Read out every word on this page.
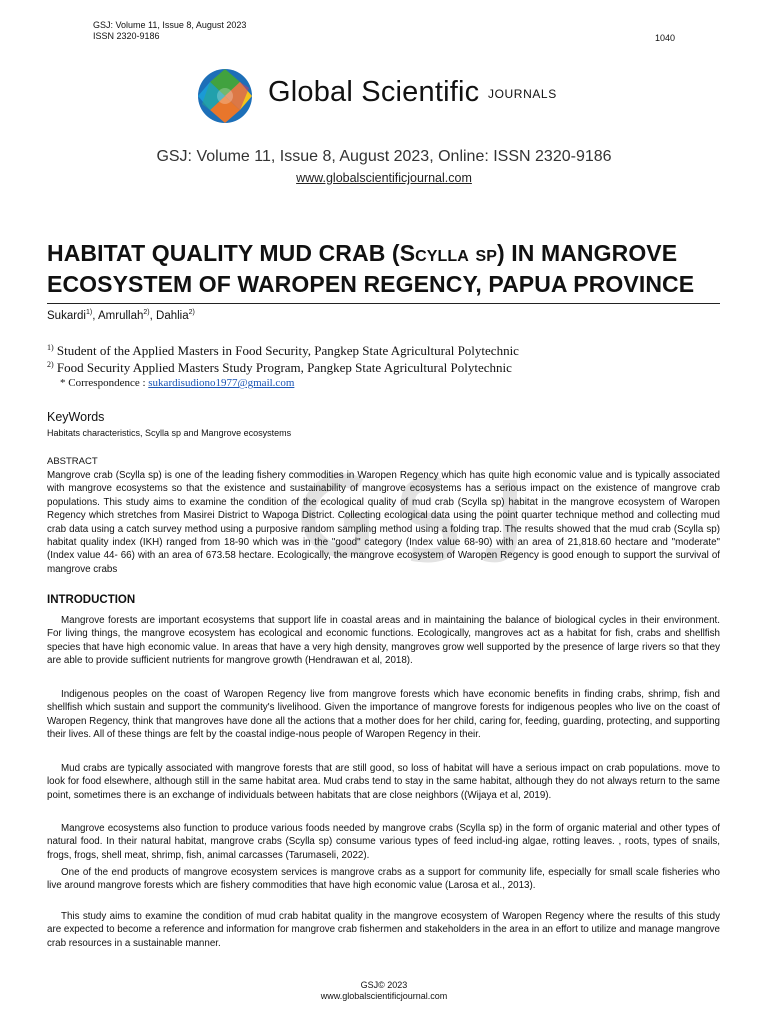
GSJ: Volume 11, Issue 8, August 2023
ISSN 2320-9186	1040
Global Scientific JOURNALS
GSJ: Volume 11, Issue 8, August 2023, Online: ISSN 2320-9186
www.globalscientificjournal.com
HABITAT QUALITY MUD CRAB (Scylla sp) IN MANGROVE ECOSYSTEM OF WAROPEN REGENCY, PAPUA PROVINCE
Sukardi$^{1)}$, Amrullah$^{2)}$, Dahlia$^{2)}$
$^{1)}$ Student of the Applied Masters in Food Security, Pangkep State Agricultural Polytechnic
$^{2)}$ Food Security Applied Masters Study Program, Pangkep State Agricultural Polytechnic
* Correspondence : sukardisudiono1977@gmail.com
KeyWords
Habitats characteristics, Scylla sp and Mangrove ecosystems
ABSTRACT
Mangrove crab (Scylla sp) is one of the leading fishery commodities in Waropen Regency which has quite high economic value and is typically associated with mangrove ecosystems so that the existence and sustainability of mangrove ecosystems has a serious impact on the existence of mangrove crab populations. This study aims to examine the condition of the ecological quality of mud crab (Scylla sp) habitat in the mangrove ecosystem of Waropen Regency which stretches from Masirei District to Wapoga District. Collecting ecological data using the point quarter technique method and collecting mud crab data using a catch survey method using a purposive random sampling method using a folding trap. The results showed that the mud crab (Scylla sp) habitat quality index (IKH) ranged from 18-90 which was in the "good" category (Index value 68-90) with an area of 21,818.60 hectare and "moderate" (Index value 44- 66) with an area of 673.58 hectare. Ecologically, the mangrove ecosystem of Waropen Regency is good enough to support the survival of mangrove crabs
INTRODUCTION
Mangrove forests are important ecosystems that support life in coastal areas and in maintaining the balance of biological cycles in their environment. For living things, the mangrove ecosystem has ecological and economic functions. Ecologically, mangroves act as a habitat for fish, crabs and shellfish species that have high economic value. In areas that have a very high density, mangroves grow well supported by the presence of large rivers so that they are able to provide sufficient nutrients for mangrove growth (Hendrawan et al, 2018).
Indigenous peoples on the coast of Waropen Regency live from mangrove forests which have economic benefits in finding crabs, shrimp, fish and shellfish which sustain and support the community's livelihood. Given the importance of mangrove forests for indigenous peoples who live on the coast of Waropen Regency, think that mangroves have done all the actions that a mother does for her child, caring for, feeding, guarding, protecting, and supporting their lives. All of these things are felt by the coastal indige-nous people of Waropen Regency in their.
Mud crabs are typically associated with mangrove forests that are still good, so loss of habitat will have a serious impact on crab populations. move to look for food elsewhere, although still in the same habitat area. Mud crabs tend to stay in the same habitat, although they do not always return to the same point, sometimes there is an exchange of individuals between habitats that are close neighbors ((Wijaya et al, 2019).
Mangrove ecosystems also function to produce various foods needed by mangrove crabs (Scylla sp) in the form of organic material and other types of natural food. In their natural habitat, mangrove crabs (Scylla sp) consume various types of feed includ-ing algae, rotting leaves. , roots, types of snails, frogs, frogs, shell meat, shrimp, fish, animal carcasses (Tarumaseli, 2022).
One of the end products of mangrove ecosystem services is mangrove crabs as a support for community life, especially for small scale fisheries who live around mangrove forests which are fishery commodities that have high economic value (Larosa et al., 2013).
This study aims to examine the condition of mud crab habitat quality in the mangrove ecosystem of Waropen Regency where the results of this study are expected to become a reference and information for mangrove crab fishermen and stakeholders in the area in an effort to utilize and manage mangrove crab resources in a sustainable manner.
GSJ© 2023
www.globalscientificjournal.com
